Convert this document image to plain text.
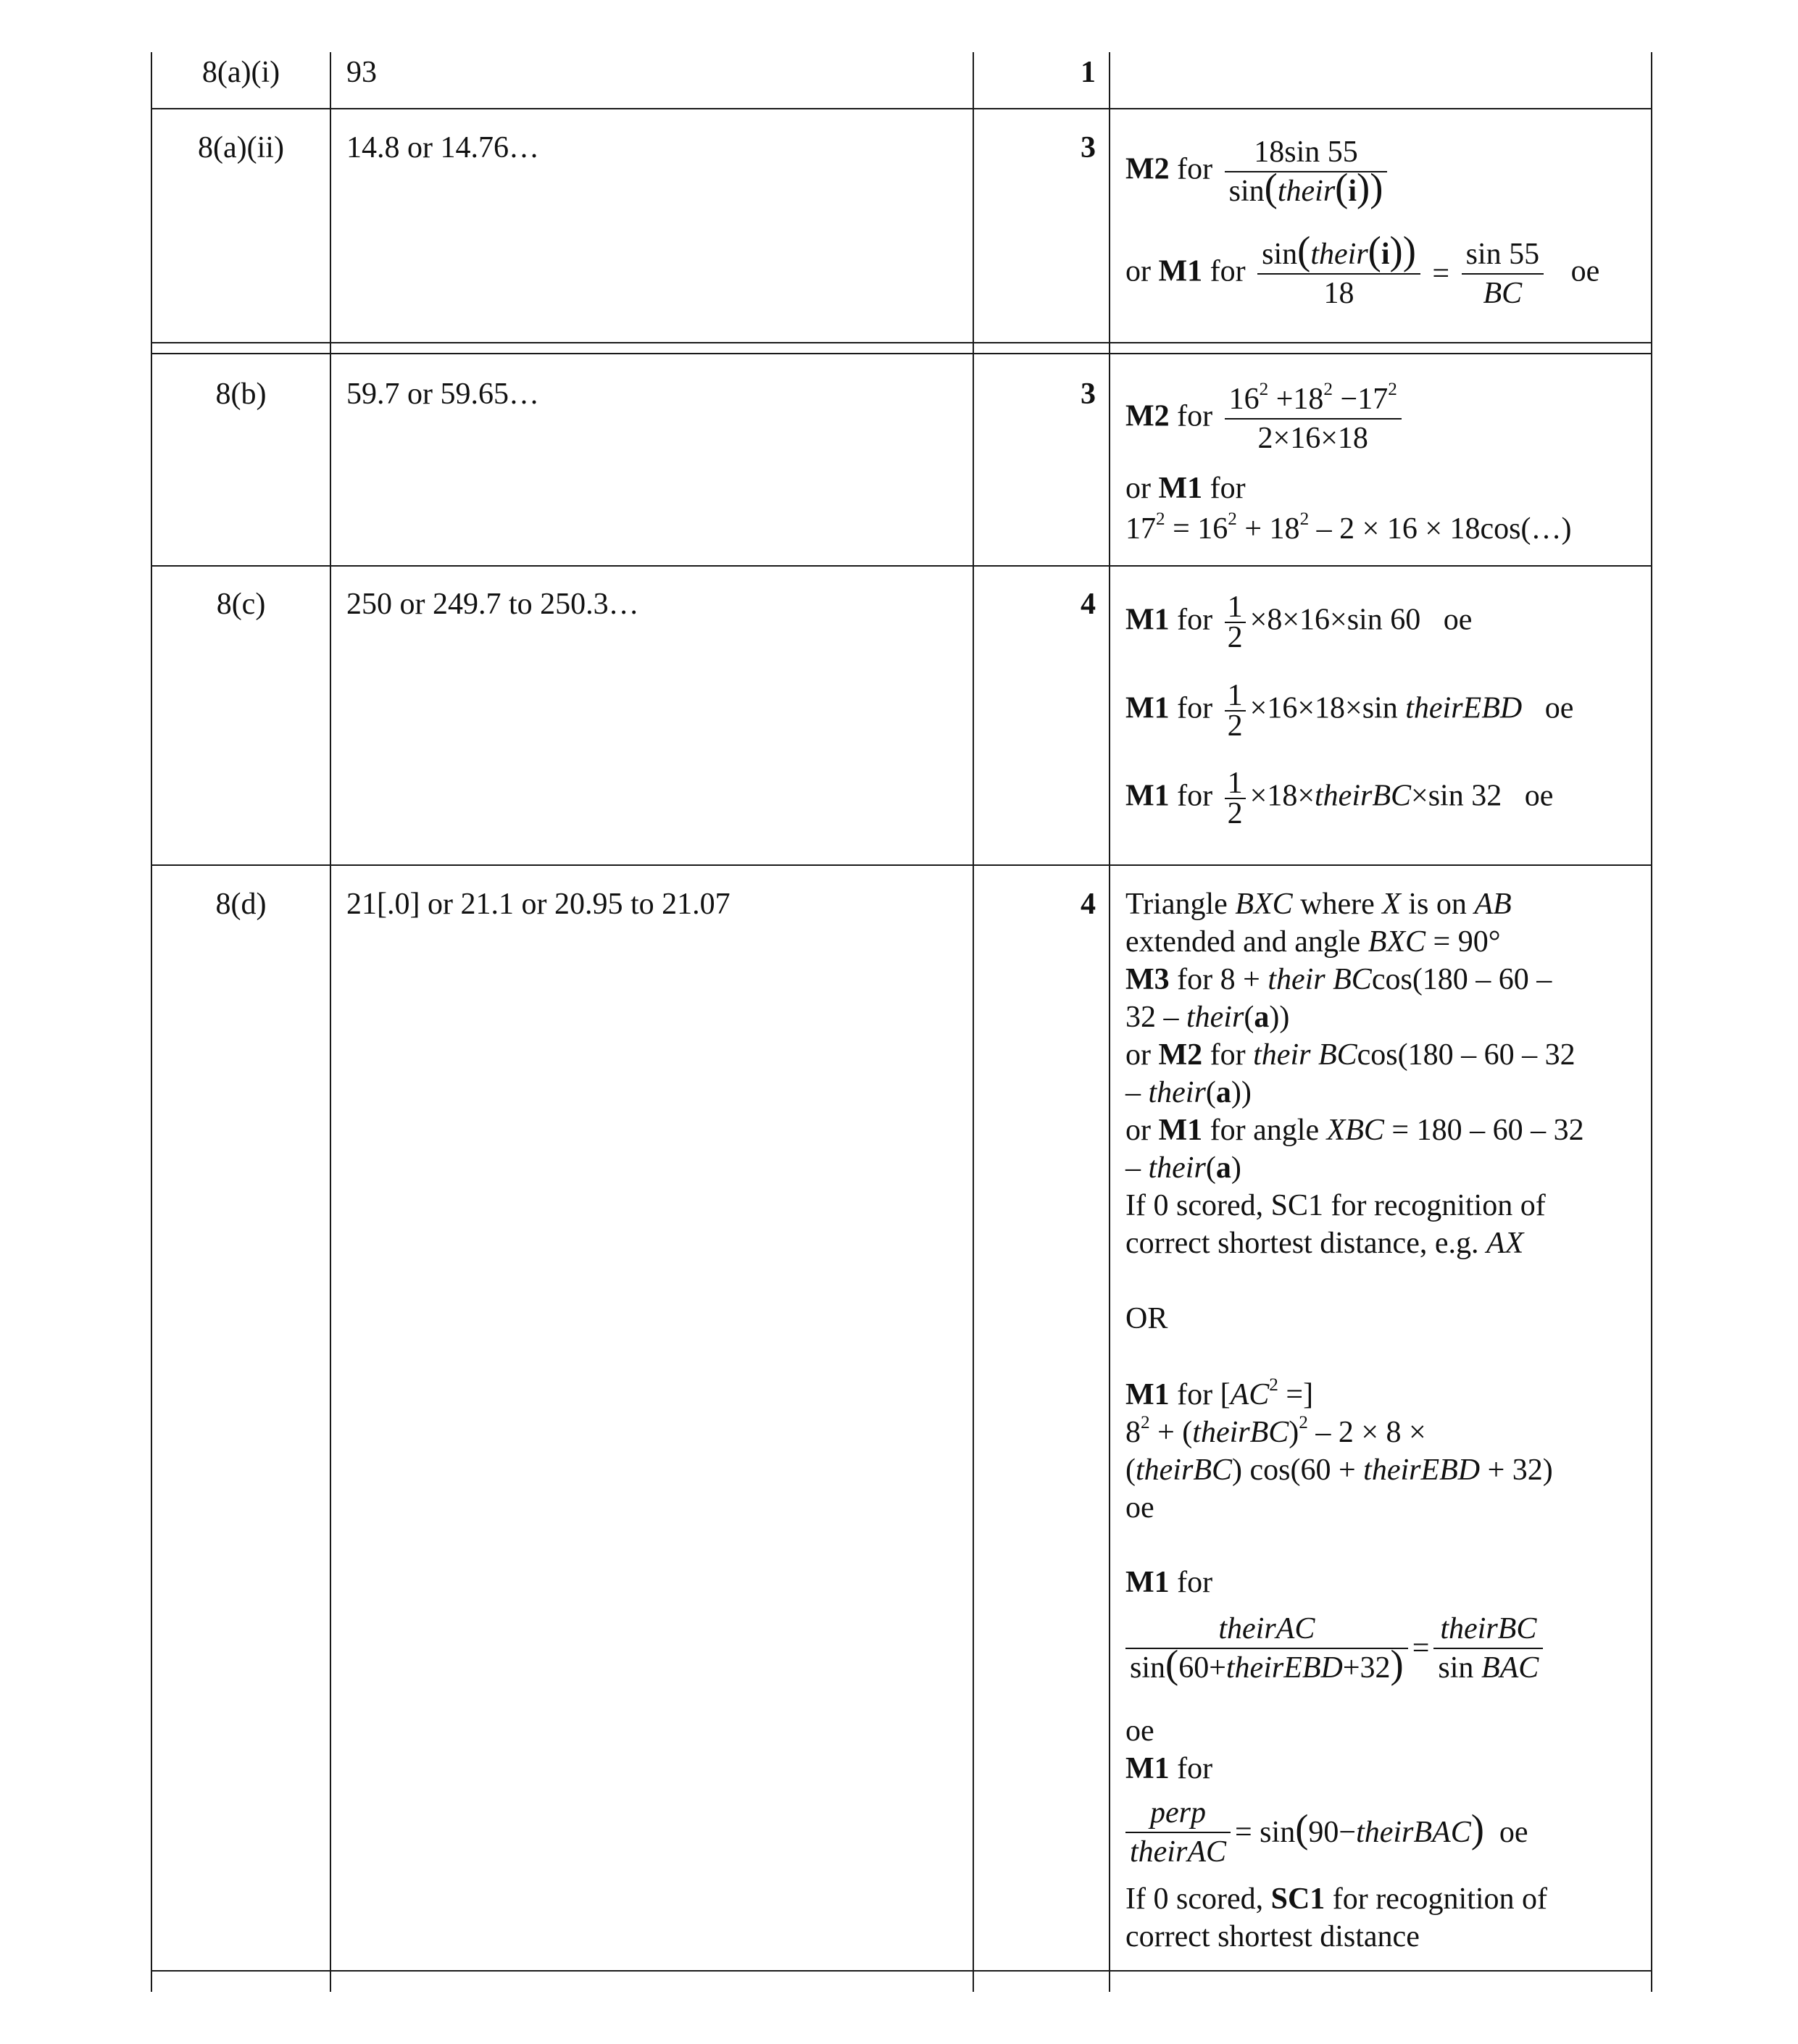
8(a)(i)	93	1
8(a)(ii)	14.8 or 14.76…	3
M2 for $\frac{18\sin 55}{\text{sin(their(i))}}$
or M1 for $\frac{\text{sin(their(i))}}{18} = \frac{\sin 55}{BC}$ oe
8(b)	59.7 or 59.65…	3
M2 for $\frac{16^2 +18^2 -17^2}{2\times 16\times 18}$
or M1 for
$17^2 = 16^2 + 18^2 - 2 \times 16$ × 18cos(…)
8(c)	250 or 249.7 to 250.3…	4 M1 for $\frac{1}{2} \times 8\times 16\times\sin$ 60 oe
M1 for $\frac{1}{2} \times 16\times 18\times\sin$ theirEBD oe
M1 for $\frac{1}{2}$ ×18×theirBC×sin 32 oe
8(d)	21[.0] or 21.1 or 20.95 to 21.07	4 Triangle BXC where X is on AB
extended and angle BXC = 90°
M3 for 8 + their BCcos(180 – 60 –
32 – their(a))
or M2 for their BCcos(180 – 60 – 32
– their(a))
or M1 for angle XBC = 180 – 60 – 32
– their(a)
If 0 scored, SC1 for recognition of
correct shortest distance, e.g. AX
OR
M1 for [$AC^2$ =]
$8^2$ + (theirBC)$^2$ – 2 × 8 ×
(theirBC) cos(60 + theirEBD + 32)
oe
M1 for
$\frac{\text{theirAC}}{\text{sin(60+theirEBD+32)}} = \frac{\text{theirBC}}{\text{sin BAC}}$
oe
M1 for
$\frac{\text{perp}}{\text{theirAC}}$ = sin(90−theirBAC) oe
If 0 scored, SC1 for recognition of
correct shortest distance
